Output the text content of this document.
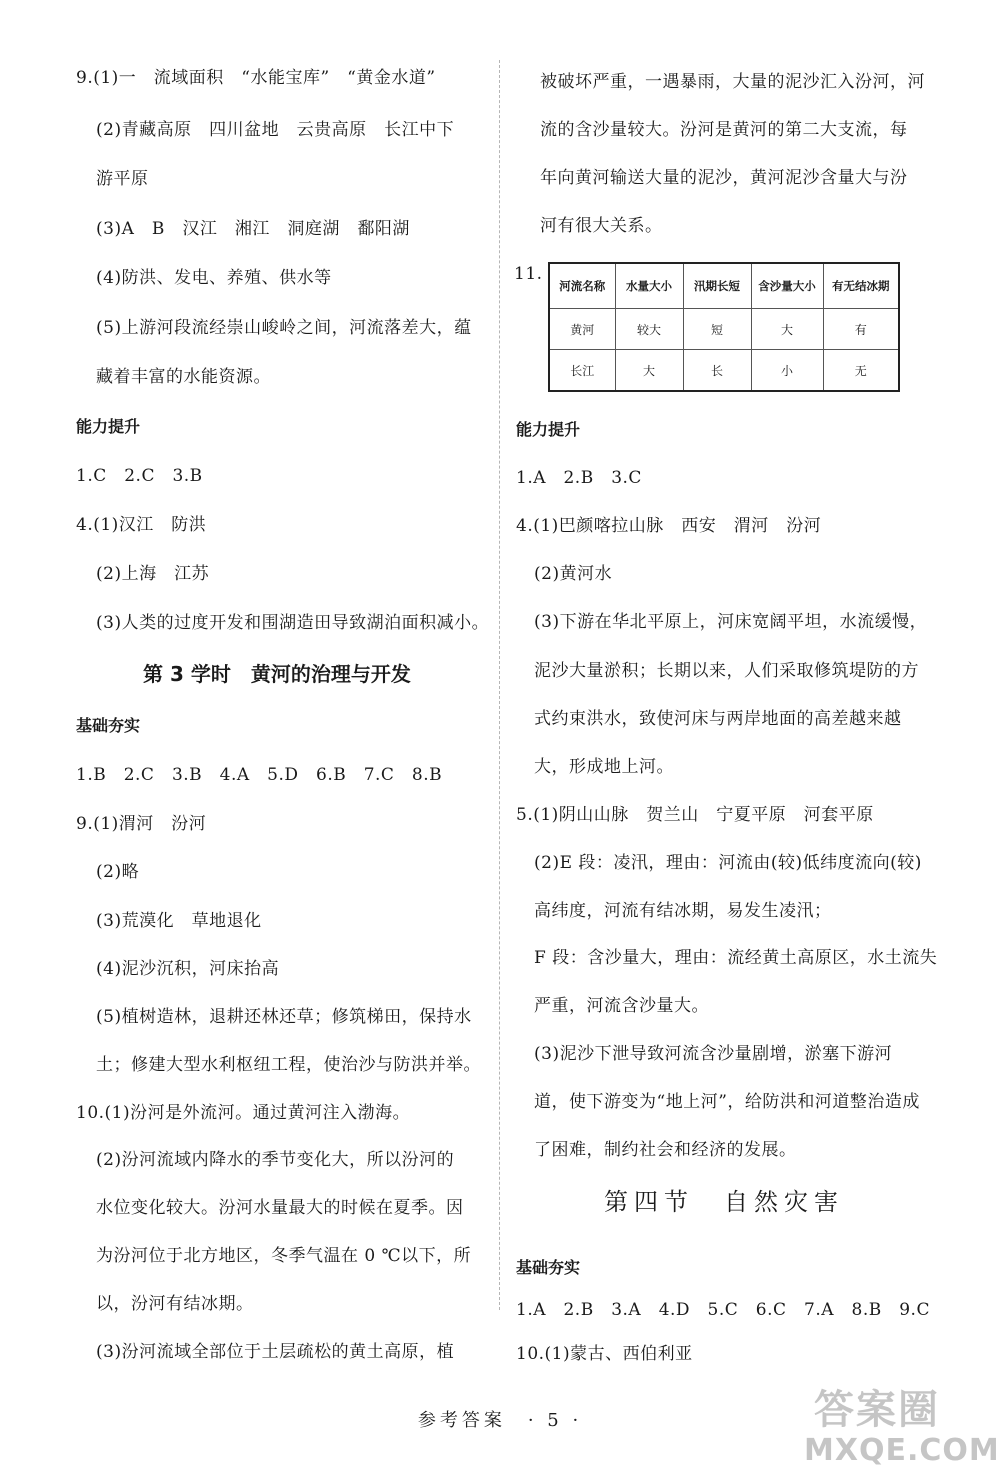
9.(1)一　流域面积　“水能宝库”　“黄金水道”
(2)青藏高原　四川盆地　云贵高原　长江中下
游平原
(3)A　B　汉江　湘江　洞庭湖　鄱阳湖
(4)防洪、发电、养殖、供水等
(5)上游河段流经崇山峻岭之间，河流落差大，蕴
藏着丰富的水能资源。
能力提升
1.C　2.C　3.B
4.(1)汉江　防洪
(2)上海　江苏
(3)人类的过度开发和围湖造田导致湖泊面积减小。
第 3 学时　黄河的治理与开发
基础夯实
1.B　2.C　3.B　4.A　5.D　6.B　7.C　8.B
9.(1)渭河　汾河
(2)略
(3)荒漠化　草地退化
(4)泥沙沉积，河床抬高
(5)植树造林，退耕还林还草；修筑梯田，保持水
土；修建大型水利枢纽工程，使治沙与防洪并举。
10.(1)汾河是外流河。通过黄河注入渤海。
(2)汾河流域内降水的季节变化大，所以汾河的
水位变化较大。汾河水量最大的时候在夏季。因
为汾河位于北方地区，冬季气温在 0 ℃以下，所
以，汾河有结冰期。
(3)汾河流域全部位于土层疏松的黄土高原，植
被破坏严重，一遇暴雨，大量的泥沙汇入汾河，河
流的含沙量较大。汾河是黄河的第二大支流，每
年向黄河输送大量的泥沙，黄河泥沙含量大与汾
河有很大关系。
11.
河流名称	水量大小	汛期长短	含沙量大小	有无结冰期
黄河	较大	短	大	有
长江	大	长	小	无
能力提升
1.A　2.B　3.C
4.(1)巴颜喀拉山脉　西安　渭河　汾河
(2)黄河水
(3)下游在华北平原上，河床宽阔平坦，水流缓慢，
泥沙大量淤积；长期以来，人们采取修筑堤防的方
式约束洪水，致使河床与两岸地面的高差越来越
大，形成地上河。
5.(1)阴山山脉　贺兰山　宁夏平原　河套平原
(2)E 段：凌汛，理由：河流由(较)低纬度流向(较)
高纬度，河流有结冰期，易发生凌汛；
F 段：含沙量大，理由：流经黄土高原区，水土流失
严重，河流含沙量大。
(3)泥沙下泄导致河流含沙量剧增，淤塞下游河
道，使下游变为“地上河”，给防洪和河道整治造成
了困难，制约社会和经济的发展。
第四节　自然灾害
基础夯实
1.A　2.B　3.A　4.D　5.C　6.C　7.A　8.B　9.C
10.(1)蒙古、西伯利亚
参考答案　· 5 ·	答案圈
MXQE.COM
